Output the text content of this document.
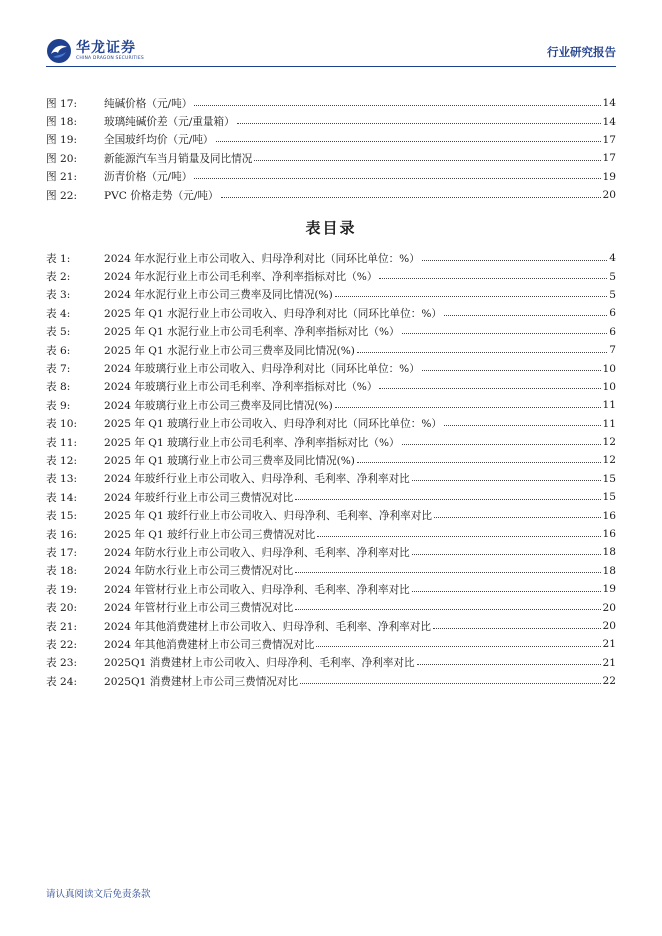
华龙证券
CHINA DRAGON SECURITIES	行业研究报告
图 17:	纯碱价格（元/吨）	14
图 18:	玻璃纯碱价差（元/重量箱）	14
图 19:	全国玻纤均价（元/吨）	17
图 20:	新能源汽车当月销量及同比情况	17
图 21:	沥青价格（元/吨）	19
图 22:	PVC 价格走势（元/吨）	20
表目录
表 1:	2024 年水泥行业上市公司收入、归母净利对比（同环比单位：%）	4
表 2:	2024 年水泥行业上市公司毛利率、净利率指标对比（%）	5
表 3:	2024 年水泥行业上市公司三费率及同比情况(%)	5
表 4:	2025 年 Q1 水泥行业上市公司收入、归母净利对比（同环比单位：%）	6
表 5:	2025 年 Q1 水泥行业上市公司毛利率、净利率指标对比（%）	6
表 6:	2025 年 Q1 水泥行业上市公司三费率及同比情况(%)	7
表 7:	2024 年玻璃行业上市公司收入、归母净利对比（同环比单位：%）	10
表 8:	2024 年玻璃行业上市公司毛利率、净利率指标对比（%）	10
表 9:	2024 年玻璃行业上市公司三费率及同比情况(%)	11
表 10:	2025 年 Q1 玻璃行业上市公司收入、归母净利对比（同环比单位：%）	11
表 11:	2025 年 Q1 玻璃行业上市公司毛利率、净利率指标对比（%）	12
表 12:	2025 年 Q1 玻璃行业上市公司三费率及同比情况(%)	12
表 13:	2024 年玻纤行业上市公司收入、归母净利、毛利率、净利率对比	15
表 14:	2024 年玻纤行业上市公司三费情况对比	15
表 15:	2025 年 Q1 玻纤行业上市公司收入、归母净利、毛利率、净利率对比	16
表 16:	2025 年 Q1 玻纤行业上市公司三费情况对比	16
表 17:	2024 年防水行业上市公司收入、归母净利、毛利率、净利率对比	18
表 18:	2024 年防水行业上市公司三费情况对比	18
表 19:	2024 年管材行业上市公司收入、归母净利、毛利率、净利率对比	19
表 20:	2024 年管材行业上市公司三费情况对比	20
表 21:	2024 年其他消费建材上市公司收入、归母净利、毛利率、净利率对比	20
表 22:	2024 年其他消费建材上市公司三费情况对比	21
表 23:	2025Q1 消费建材上市公司收入、归母净利、毛利率、净利率对比	21
表 24:	2025Q1 消费建材上市公司三费情况对比	22
请认真阅读文后免责条款
